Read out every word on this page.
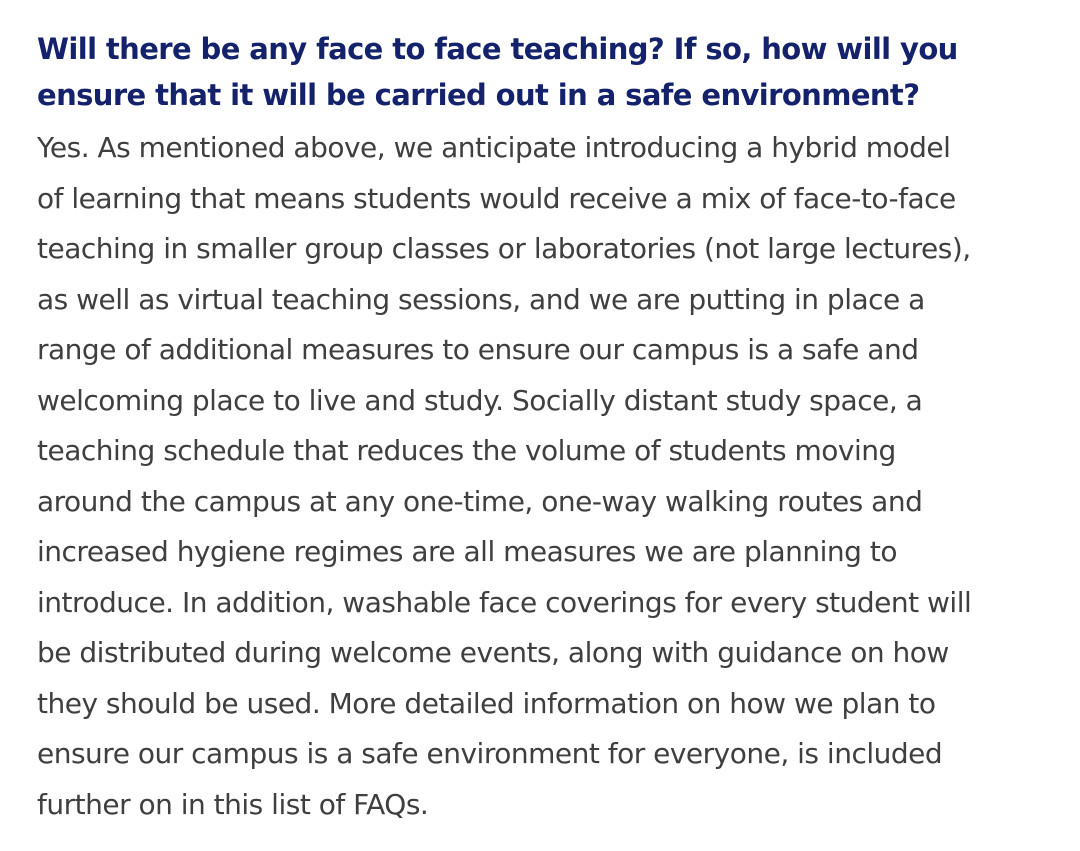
Will there be any face to face teaching? If so, how will you
ensure that it will be carried out in a safe environment?

Yes. As mentioned above, we anticipate introducing a hybrid model
of learning that means students would receive a mix of face-to-face
teaching in smaller group classes or laboratories (not large lectures),
as well as virtual teaching sessions, and we are putting in place a
range of additional measures to ensure our campus is a safe and
welcoming place to live and study. Socially distant study space, a
teaching schedule that reduces the volume of students moving
around the campus at any one-time, one-way walking routes and
increased hygiene regimes are all measures we are planning to
introduce. In addition, washable face coverings for every student will
be distributed during welcome events, along with guidance on how
they should be used. More detailed information on how we plan to
ensure our campus is a safe environment for everyone, is included
further on in this list of FAQs.
